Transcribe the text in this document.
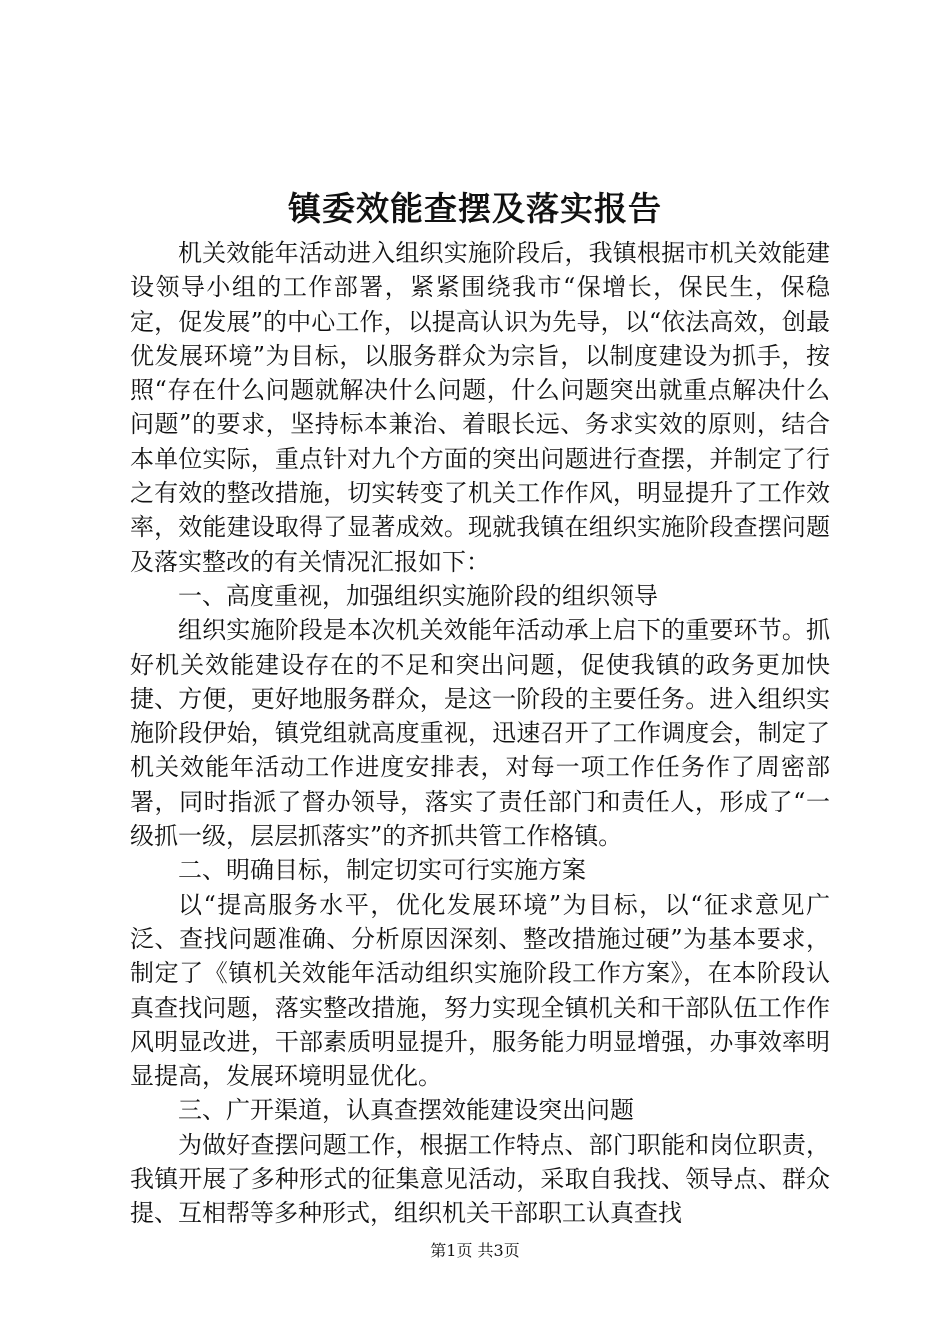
镇委效能查摆及落实报告

机关效能年活动进入组织实施阶段后，我镇根据市机关效能建设领导小组的工作部署，紧紧围绕我市“保增长，保民生，保稳定，促发展”的中心工作，以提高认识为先导，以“依法高效，创最优发展环境”为目标，以服务群众为宗旨，以制度建设为抓手，按照“存在什么问题就解决什么问题，什么问题突出就重点解决什么问题”的要求，坚持标本兼治、着眼长远、务求实效的原则，结合本单位实际，重点针对九个方面的突出问题进行查摆，并制定了行之有效的整改措施，切实转变了机关工作作风，明显提升了工作效率，效能建设取得了显著成效。现就我镇在组织实施阶段查摆问题及落实整改的有关情况汇报如下：

一、高度重视，加强组织实施阶段的组织领导

组织实施阶段是本次机关效能年活动承上启下的重要环节。抓好机关效能建设存在的不足和突出问题，促使我镇的政务更加快捷、方便，更好地服务群众，是这一阶段的主要任务。进入组织实施阶段伊始，镇党组就高度重视，迅速召开了工作调度会，制定了机关效能年活动工作进度安排表，对每一项工作任务作了周密部署，同时指派了督办领导，落实了责任部门和责任人，形成了“一级抓一级，层层抓落实”的齐抓共管工作格镇。

二、明确目标，制定切实可行实施方案

以“提高服务水平，优化发展环境”为目标，以“征求意见广泛、查找问题准确、分析原因深刻、整改措施过硬”为基本要求，制定了《镇机关效能年活动组织实施阶段工作方案》，在本阶段认真查找问题，落实整改措施，努力实现全镇机关和干部队伍工作作风明显改进，干部素质明显提升，服务能力明显增强，办事效率明显提高，发展环境明显优化。

三、广开渠道，认真查摆效能建设突出问题

为做好查摆问题工作，根据工作特点、部门职能和岗位职责，我镇开展了多种形式的征集意见活动，采取自我找、领导点、群众提、互相帮等多种形式，组织机关干部职工认真查找

第1页 共3页
